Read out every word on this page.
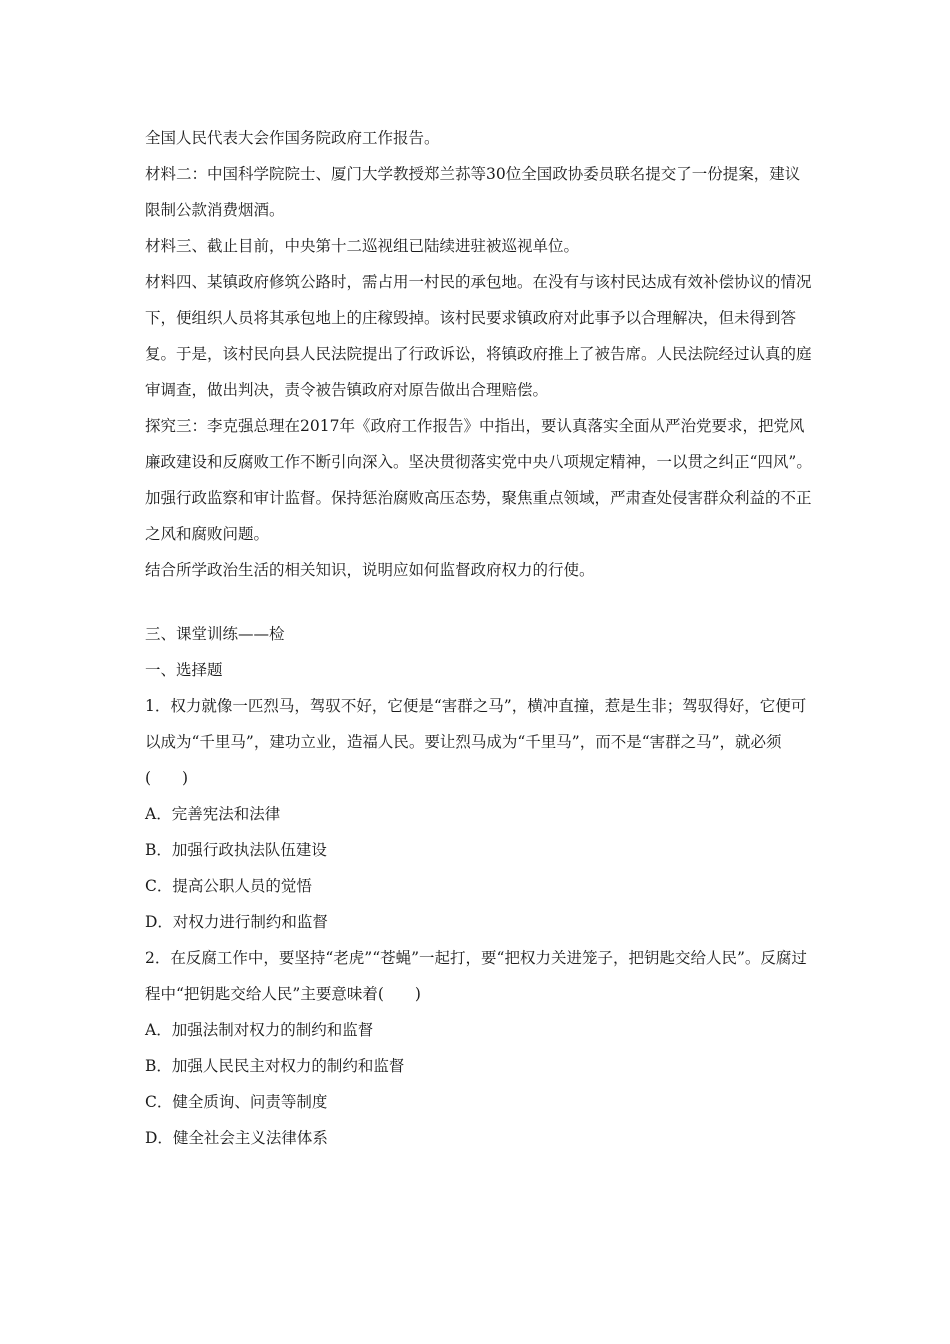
全国人民代表大会作国务院政府工作报告。

材料二：中国科学院院士、厦门大学教授郑兰荪等30位全国政协委员联名提交了一份提案，建议限制公款消费烟酒。

材料三、截止目前，中央第十二巡视组已陆续进驻被巡视单位。

材料四、某镇政府修筑公路时，需占用一村民的承包地。在没有与该村民达成有效补偿协议的情况下，便组织人员将其承包地上的庄稼毁掉。该村民要求镇政府对此事予以合理解决，但未得到答复。于是，该村民向县人民法院提出了行政诉讼，将镇政府推上了被告席。人民法院经过认真的庭审调查，做出判决，责令被告镇政府对原告做出合理赔偿。

探究三：李克强总理在2017年《政府工作报告》中指出，要认真落实全面从严治党要求，把党风廉政建设和反腐败工作不断引向深入。坚决贯彻落实党中央八项规定精神，一以贯之纠正“四风”。加强行政监察和审计监督。保持惩治腐败高压态势，聚焦重点领域，严肃查处侵害群众利益的不正之风和腐败问题。

结合所学政治生活的相关知识，说明应如何监督政府权力的行使。

三、课堂训练——检

一、选择题

1．权力就像一匹烈马，驾驭不好，它便是“害群之马”，横冲直撞，惹是生非；驾驭得好，它便可以成为“千里马”，建功立业，造福人民。要让烈马成为“千里马”，而不是“害群之马”，就必须(　　)

A．完善宪法和法律

B．加强行政执法队伍建设

C．提高公职人员的觉悟

D．对权力进行制约和监督

2．在反腐工作中，要坚持“老虎”“苍蝇”一起打，要“把权力关进笼子，把钥匙交给人民”。反腐过程中“把钥匙交给人民”主要意味着(　　)

A．加强法制对权力的制约和监督

B．加强人民民主对权力的制约和监督

C．健全质询、问责等制度

D．健全社会主义法律体系
